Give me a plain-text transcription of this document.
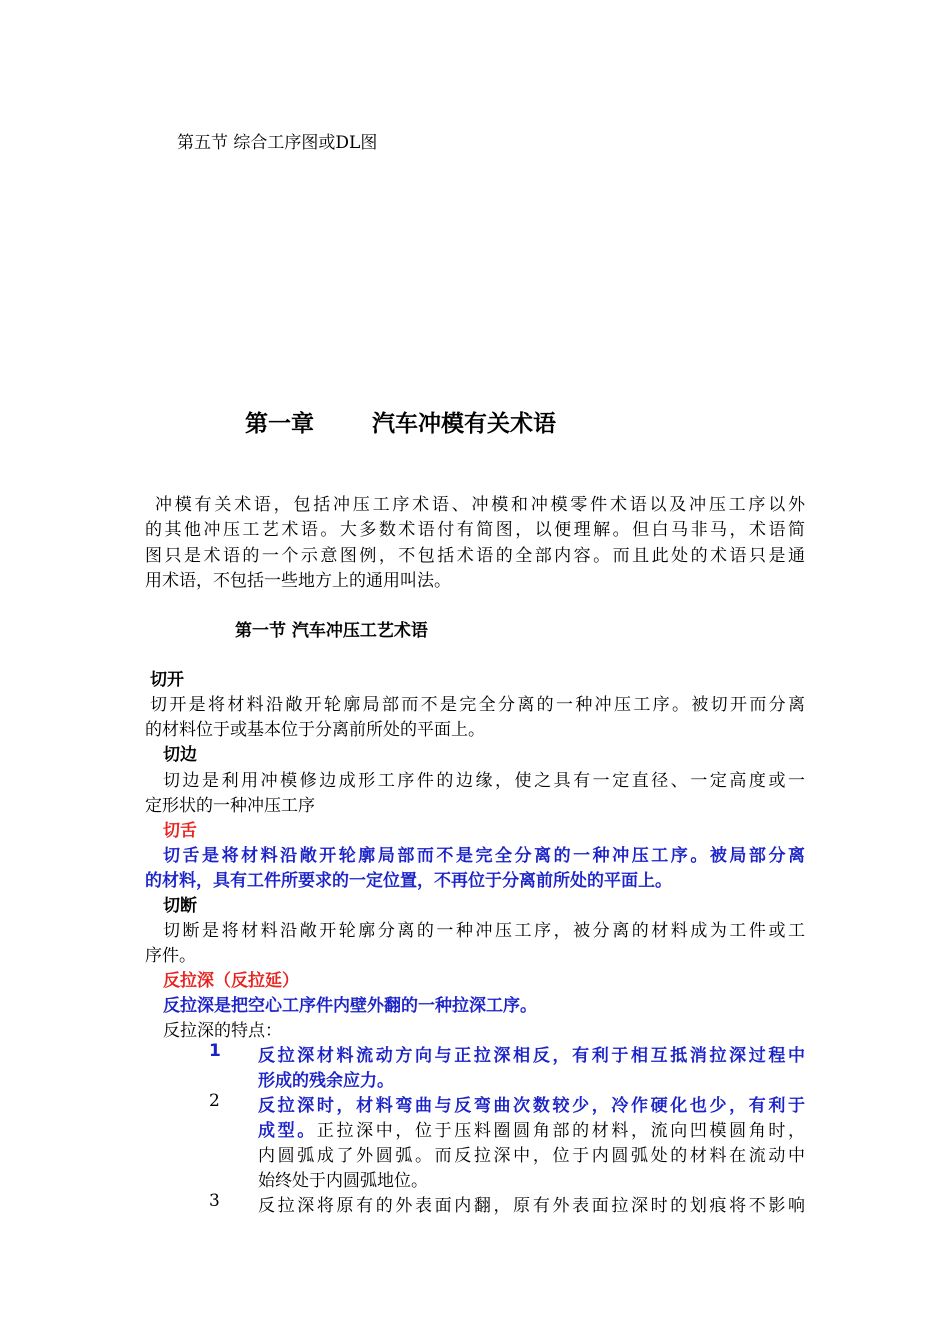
第五节 综合工序图或DL图
第一章	汽车冲模有关术语
冲模有关术语，包括冲压工序术语、冲模和冲模零件术语以及冲压工序以外
的其他冲压工艺术语。大多数术语付有简图，以便理解。但白马非马，术语简
图只是术语的一个示意图例，不包括术语的全部内容。而且此处的术语只是通
用术语，不包括一些地方上的通用叫法。
第一节 汽车冲压工艺术语
切开
切开是将材料沿敞开轮廓局部而不是完全分离的一种冲压工序。被切开而分离
的材料位于或基本位于分离前所处的平面上。
切边
切边是利用冲模修边成形工序件的边缘，使之具有一定直径、一定高度或一
定形状的一种冲压工序
切舌
切舌是将材料沿敞开轮廓局部而不是完全分离的一种冲压工序。被局部分离
的材料，具有工件所要求的一定位置，不再位于分离前所处的平面上。
切断
切断是将材料沿敞开轮廓分离的一种冲压工序，被分离的材料成为工件或工
序件。
反拉深（反拉延）
反拉深是把空心工序件内壁外翻的一种拉深工序。
反拉深的特点：
1 反拉深材料流动方向与正拉深相反，有利于相互抵消拉深过程中
形成的残余应力。
2 反拉深时，材料弯曲与反弯曲次数较少，冷作硬化也少，有利于
成型。正拉深中，位于压料圈圆角部的材料，流向凹模圆角时，
内圆弧成了外圆弧。而反拉深中，位于内圆弧处的材料在流动中
始终处于内圆弧地位。
3 反拉深将原有的外表面内翻，原有外表面拉深时的划痕将不影响
